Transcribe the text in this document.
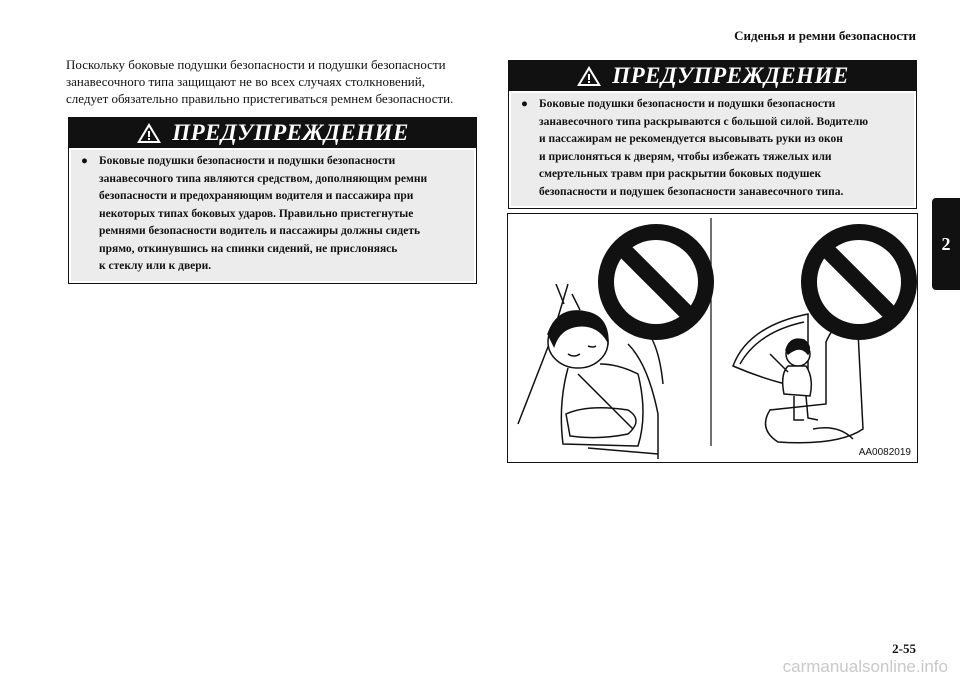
Сиденья и ремни безопасности
2

Поскольку боковые подушки безопасности и подушки безопасности

занавесочного типа защищают не во всех случаях столкновений,

следует обязательно правильно пристегиваться ремнем безопасности.

ПРЕДУПРЕЖДЕНИЕ
● Боковые подушки безопасности и подушки безопасности
занавесочного типа являются средством, дополняющим ремни
безопасности и предохраняющим водителя и пассажира при
некоторых типах боковых ударов. Правильно пристегнутые
ремнями безопасности водитель и пассажиры должны сидеть
прямо, откинувшись на спинки сидений, не прислоняясь
к стеклу или к двери.
ПРЕДУПРЕЖДЕНИЕ
● Боковые подушки безопасности и подушки безопасности
занавесочного типа раскрываются с большой силой. Водителю
и пассажирам не рекомендуется высовывать руки из окон
и прислоняться к дверям, чтобы избежать тяжелых или
смертельных травм при раскрытии боковых подушек
безопасности и подушек безопасности занавесочного типа.
AA0082019
2-55
carmanualsonline.info
